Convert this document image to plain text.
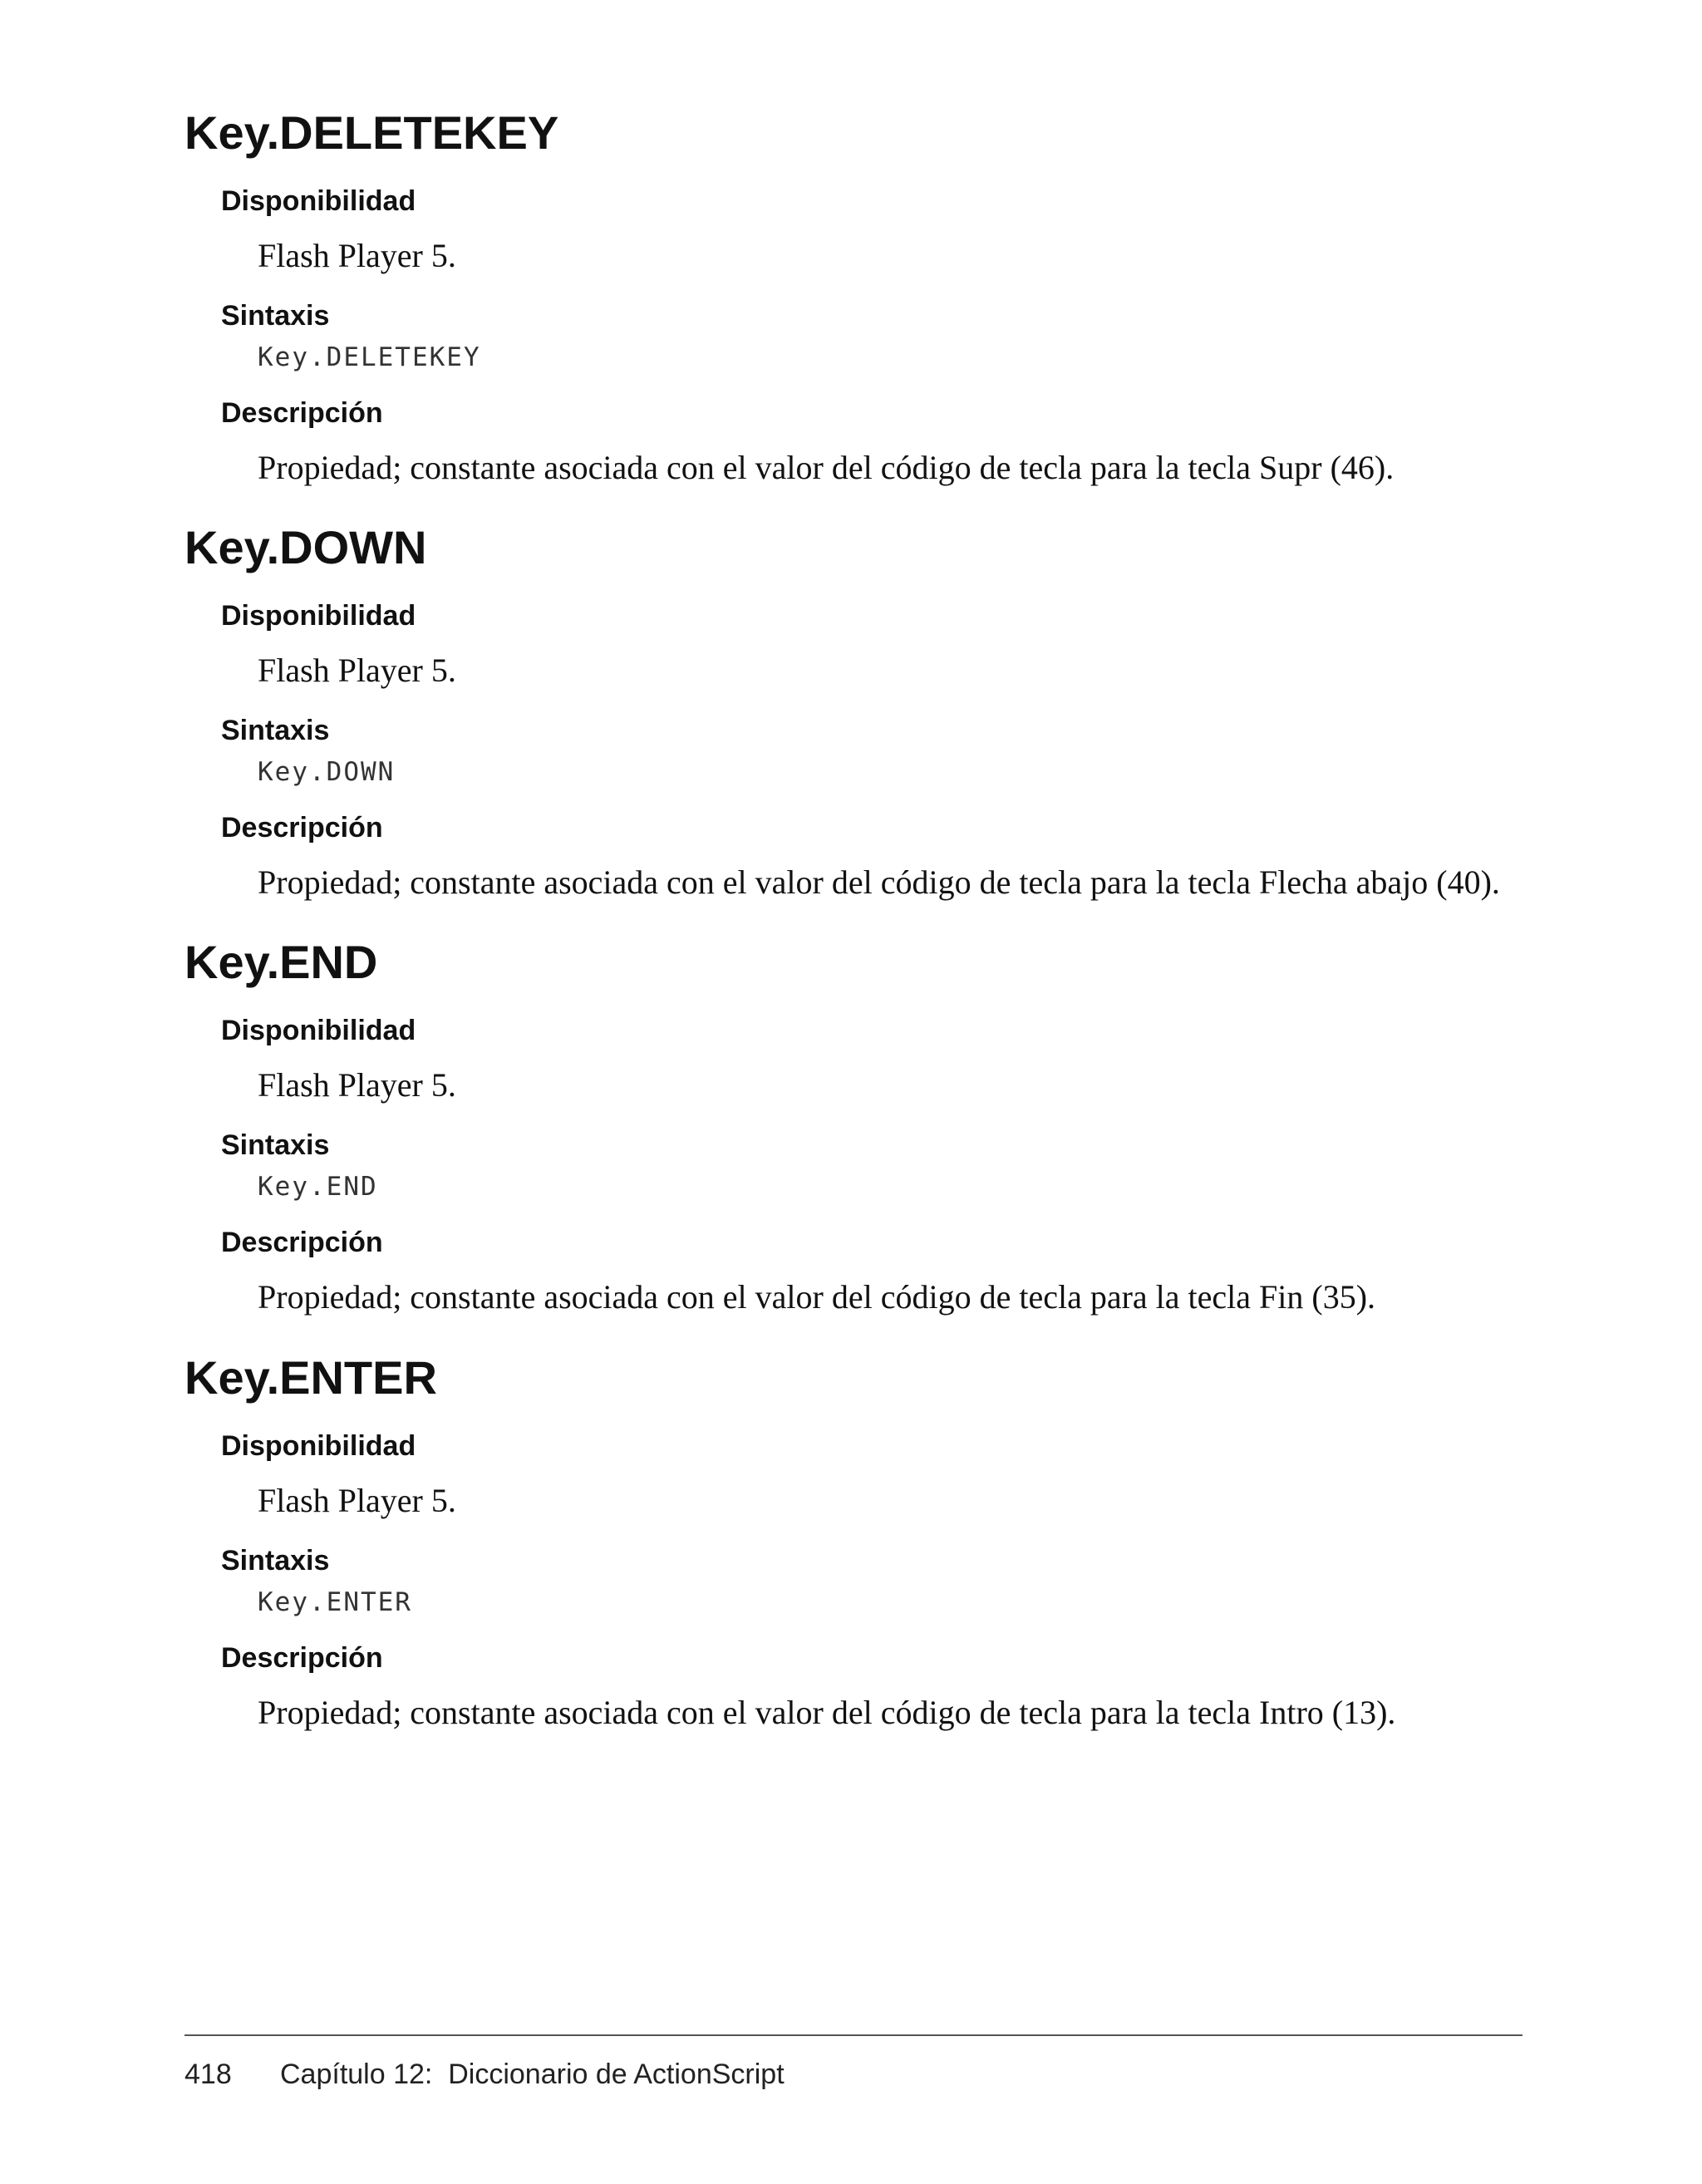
Key.DELETEKEY
Disponibilidad
Flash Player 5.
Sintaxis
Key.DELETEKEY
Descripción
Propiedad; constante asociada con el valor del código de tecla para la tecla Supr (46).
Key.DOWN
Disponibilidad
Flash Player 5.
Sintaxis
Key.DOWN
Descripción
Propiedad; constante asociada con el valor del código de tecla para la tecla Flecha abajo (40).
Key.END
Disponibilidad
Flash Player 5.
Sintaxis
Key.END
Descripción
Propiedad; constante asociada con el valor del código de tecla para la tecla Fin (35).
Key.ENTER
Disponibilidad
Flash Player 5.
Sintaxis
Key.ENTER
Descripción
Propiedad; constante asociada con el valor del código de tecla para la tecla Intro (13).
418 Capítulo 12:  Diccionario de ActionScript
